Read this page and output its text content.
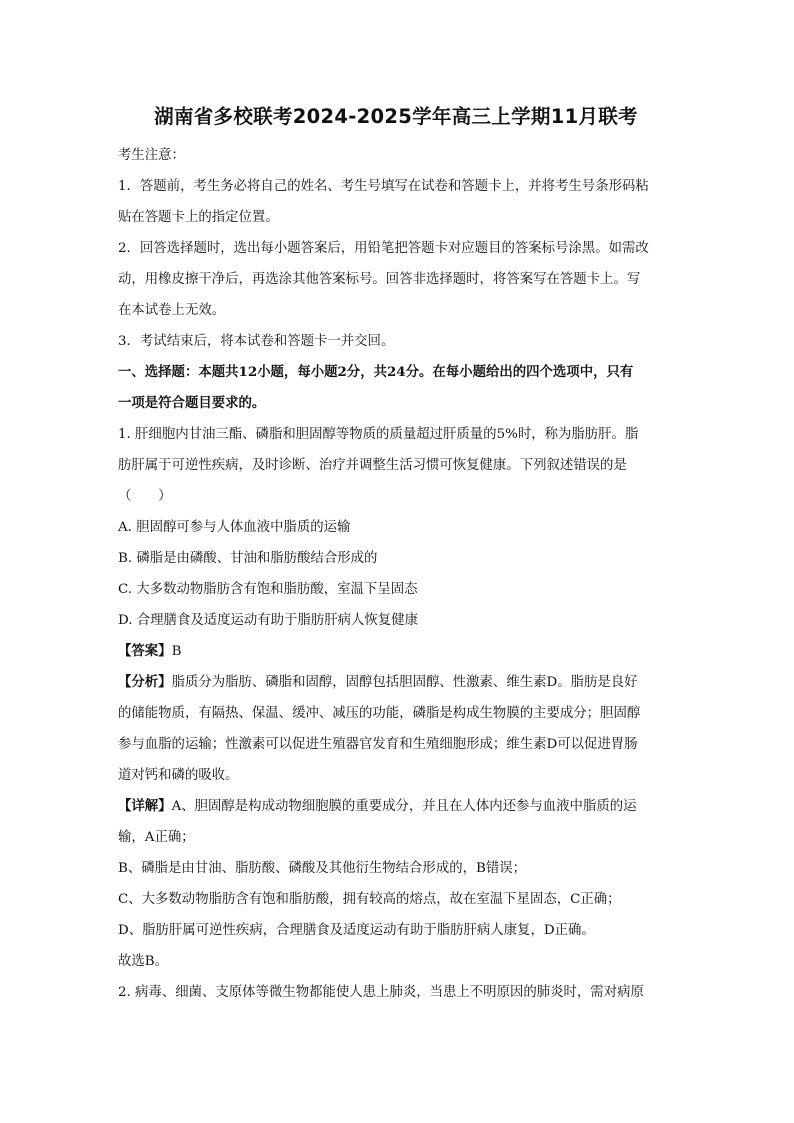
湖南省多校联考2024-2025学年高三上学期11月联考

考生注意：

1．答题前，考生务必将自己的姓名、考生号填写在试卷和答题卡上，并将考生号条形码粘

贴在答题卡上的指定位置。

2．回答选择题时，选出每小题答案后，用铅笔把答题卡对应题目的答案标号涂黑。如需改

动，用橡皮擦干净后，再选涂其他答案标号。回答非选择题时，将答案写在答题卡上。写

在本试卷上无效。

3．考试结束后，将本试卷和答题卡一并交回。

一、选择题：本题共12小题，每小题2分，共24分。在每小题给出的四个选项中，只有

一项是符合题目要求的。

1. 肝细胞内甘油三酯、磷脂和胆固醇等物质的质量超过肝质量的5%时，称为脂肪肝。脂

肪肝属于可逆性疾病，及时诊断、治疗并调整生活习惯可恢复健康。下列叙述错误的是

（　　）

A. 胆固醇可参与人体血液中脂质的运输

B. 磷脂是由磷酸、甘油和脂肪酸结合形成的

C. 大多数动物脂肪含有饱和脂肪酸，室温下呈固态

D. 合理膳食及适度运动有助于脂肪肝病人恢复健康

【答案】B

【分析】脂质分为脂肪、磷脂和固醇，固醇包括胆固醇、性激素、维生素D。脂肪是良好

的储能物质，有隔热、保温、缓冲、减压的功能，磷脂是构成生物膜的主要成分；胆固醇

参与血脂的运输；性激素可以促进生殖器官发育和生殖细胞形成；维生素D可以促进胃肠

道对钙和磷的吸收。

【详解】A、胆固醇是构成动物细胞膜的重要成分，并且在人体内还参与血液中脂质的运

输，A正确；

B、磷脂是由甘油、脂肪酸、磷酸及其他衍生物结合形成的，B错误；

C、大多数动物脂肪含有饱和脂肪酸，拥有较高的熔点，故在室温下星固态，C正确；

D、脂肪肝属可逆性疾病，合理膳食及适度运动有助于脂肪肝病人康复，D正确。

故选B。

2. 病毒、细菌、支原体等微生物都能使人患上肺炎，当患上不明原因的肺炎时，需对病原
